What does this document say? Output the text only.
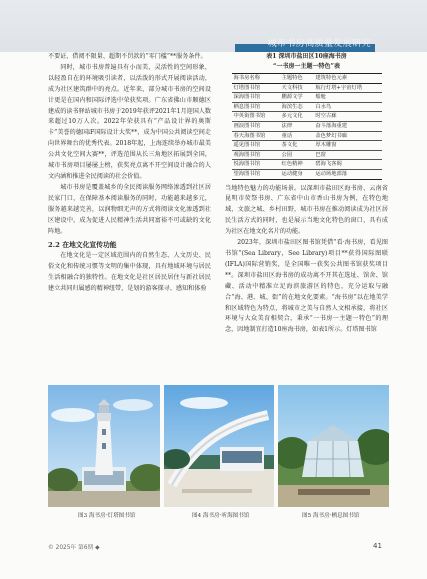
城市书房高质量发展研究

不要证、借阅不限量、超期不罚款的“零门槛”**服务条件。

同时，城市书房普遍具有小而美、灵活性的空间形象，以轻盈自在的环境吸引读者，以活泼的形式开展阅读活动，成为社区建筑群中的亮点。近年来，部分城市书房的空间设计更是在国内和国际评选中荣获奖项。广东省佛山市顺德区建成的读书驿站城市书房于2019年获评2021年1月迎国人数来超过10万人次。2022年荣获具有“产品设计界的奥斯卡”美誉的德国iF国际设计大奖**，成为中国公共阅读空间走向世界舞台的优秀代表。2018年起，上海连续举办城市最美公共文化空间大赛**，评选范围从长三角地区拓展到全国，城市书房项目屡屡上榜，获奖亮点离不开空间设计融合的人文内涵和推进全民阅读的社会价值。

城市书房是覆盖城乡的全民阅读服务网络渗透到社区居民家门口，在保障基本阅读服务的同时，功能越来越多元，服务越来越完善，以润物细无声的方式将阅读文化渗透到社区建设中，成为促进人民精神生活共同富裕不可或缺的文化阵地。

2.2 在地文化宣传功能

在地文化是一定区域范围内的自然生态、人文历史、民俗文化和传统习惯等文明的集中体现，具有地域环境与居民生活相融合的独特性。在地文化是社区居民居住与新社居民建立共同归属感的精神纽带，是划的游客探寻、感知和体验

表1 深圳市盐田区10座海书房
“一书房一主题一特色”表
海书房名称	主题特色	建筑特色元素
灯塔图书馆	天文科技	航行灯塔+宇宙灯塔
深海图书馆	鹏源文学	船舱
栖息图书馆	海滨生态	白水鸟
中英街图书馆	多元文化	时空古廊
画浪图书馆	法律	奋斗落海重建
春天海图书馆	童话	盖色梦幻书廊
遥见图书馆	茶文化	厚木雕窗
观海图书馆	公园	巴窗
悦海图书馆	红色精神	碧海飞客阁
望海图书馆	运动健身	运动场地部落

当地特色魅力的功能场景。以深圳市盐田区海书房、云南省昆明市荧祭书房、广东省中山市香山书房为例，在特色地域、文旅之城、乡村田野，城市书房在推动阅读成为社区居民生活方式的同时，也是展示当地文化特色的窗口，具有成为社区在地文化名片的功能。

2023年，深圳市盐田区图书馆凭借“看·海书房，看见图书馆”(Sea Library，See Library)项目**获得国际图联(IFLA)国际营销奖，是全国唯一获奖公共图书馆获奖项目**。深圳市盐田区海书房的成功离不开其在选址、馆舍、馆藏、活动中精准立足海滨旅游区的特色，充分运取与融合“海、港、城、街”的在地文化要素。“海书房”以在地美学和区域特色为特点，将城市之美与自然人文相承接，将社区环境与大众美育相契合，秉承“一书房一主题一特色”的理念，因地制宜打造10座海书房，如表1所示。灯塔图书馆

图3 海书房·灯塔图书馆	图4 海书房·听海图书馆	图5 海书房·栖息图书馆
© 2025年 第6期 ◆	41
